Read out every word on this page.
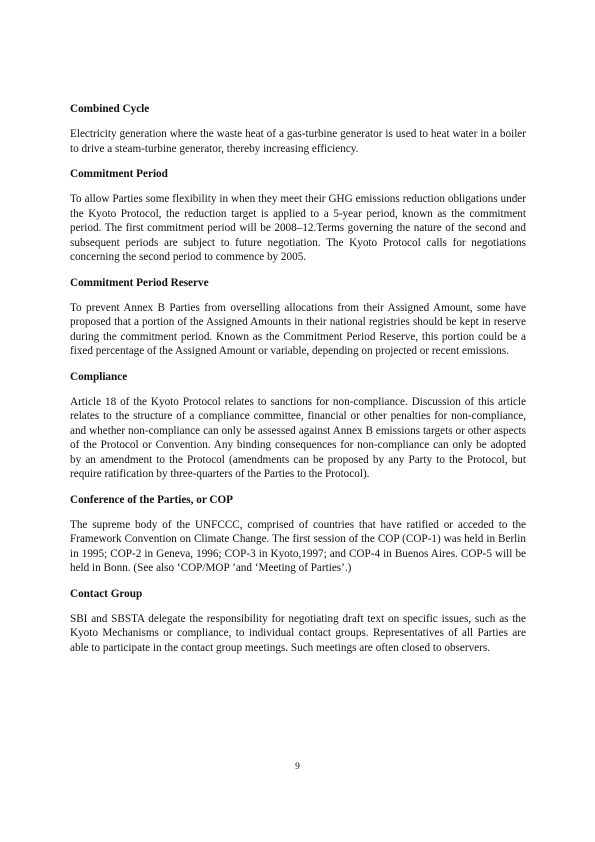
Combined Cycle

Electricity generation where the waste heat of a gas-turbine generator is used to heat water in a boiler to drive a steam-turbine generator, thereby increasing efficiency.

Commitment Period

To allow Parties some flexibility in when they meet their GHG emissions reduction obligations under the Kyoto Protocol, the reduction target is applied to a 5-year period, known as the commitment period. The first commitment period will be 2008–12.Terms governing the nature of the second and subsequent periods are subject to future negotiation. The Kyoto Protocol calls for negotiations concerning the second period to commence by 2005.

Commitment Period Reserve

To prevent Annex B Parties from overselling allocations from their Assigned Amount, some have proposed that a portion of the Assigned Amounts in their national registries should be kept in reserve during the commitment period. Known as the Commitment Period Reserve, this portion could be a fixed percentage of the Assigned Amount or variable, depending on projected or recent emissions.

Compliance

Article 18 of the Kyoto Protocol relates to sanctions for non-compliance. Discussion of this article relates to the structure of a compliance committee, financial or other penalties for non-compliance, and whether non-compliance can only be assessed against Annex B emissions targets or other aspects of the Protocol or Convention. Any binding consequences for non-compliance can only be adopted by an amendment to the Protocol (amendments can be proposed by any Party to the Protocol, but require ratification by three-quarters of the Parties to the Protocol).

Conference of the Parties, or COP

The supreme body of the UNFCCC, comprised of countries that have ratified or acceded to the Framework Convention on Climate Change. The first session of the COP (COP-1) was held in Berlin in 1995; COP-2 in Geneva, 1996; COP-3 in Kyoto,1997; and COP-4 in Buenos Aires. COP-5 will be held in Bonn. (See also ‘COP/MOP ’and ‘Meeting of Parties’.)

Contact Group

SBI and SBSTA delegate the responsibility for negotiating draft text on specific issues, such as the Kyoto Mechanisms or compliance, to individual contact groups. Representatives of all Parties are able to participate in the contact group meetings. Such meetings are often closed to observers.

9
